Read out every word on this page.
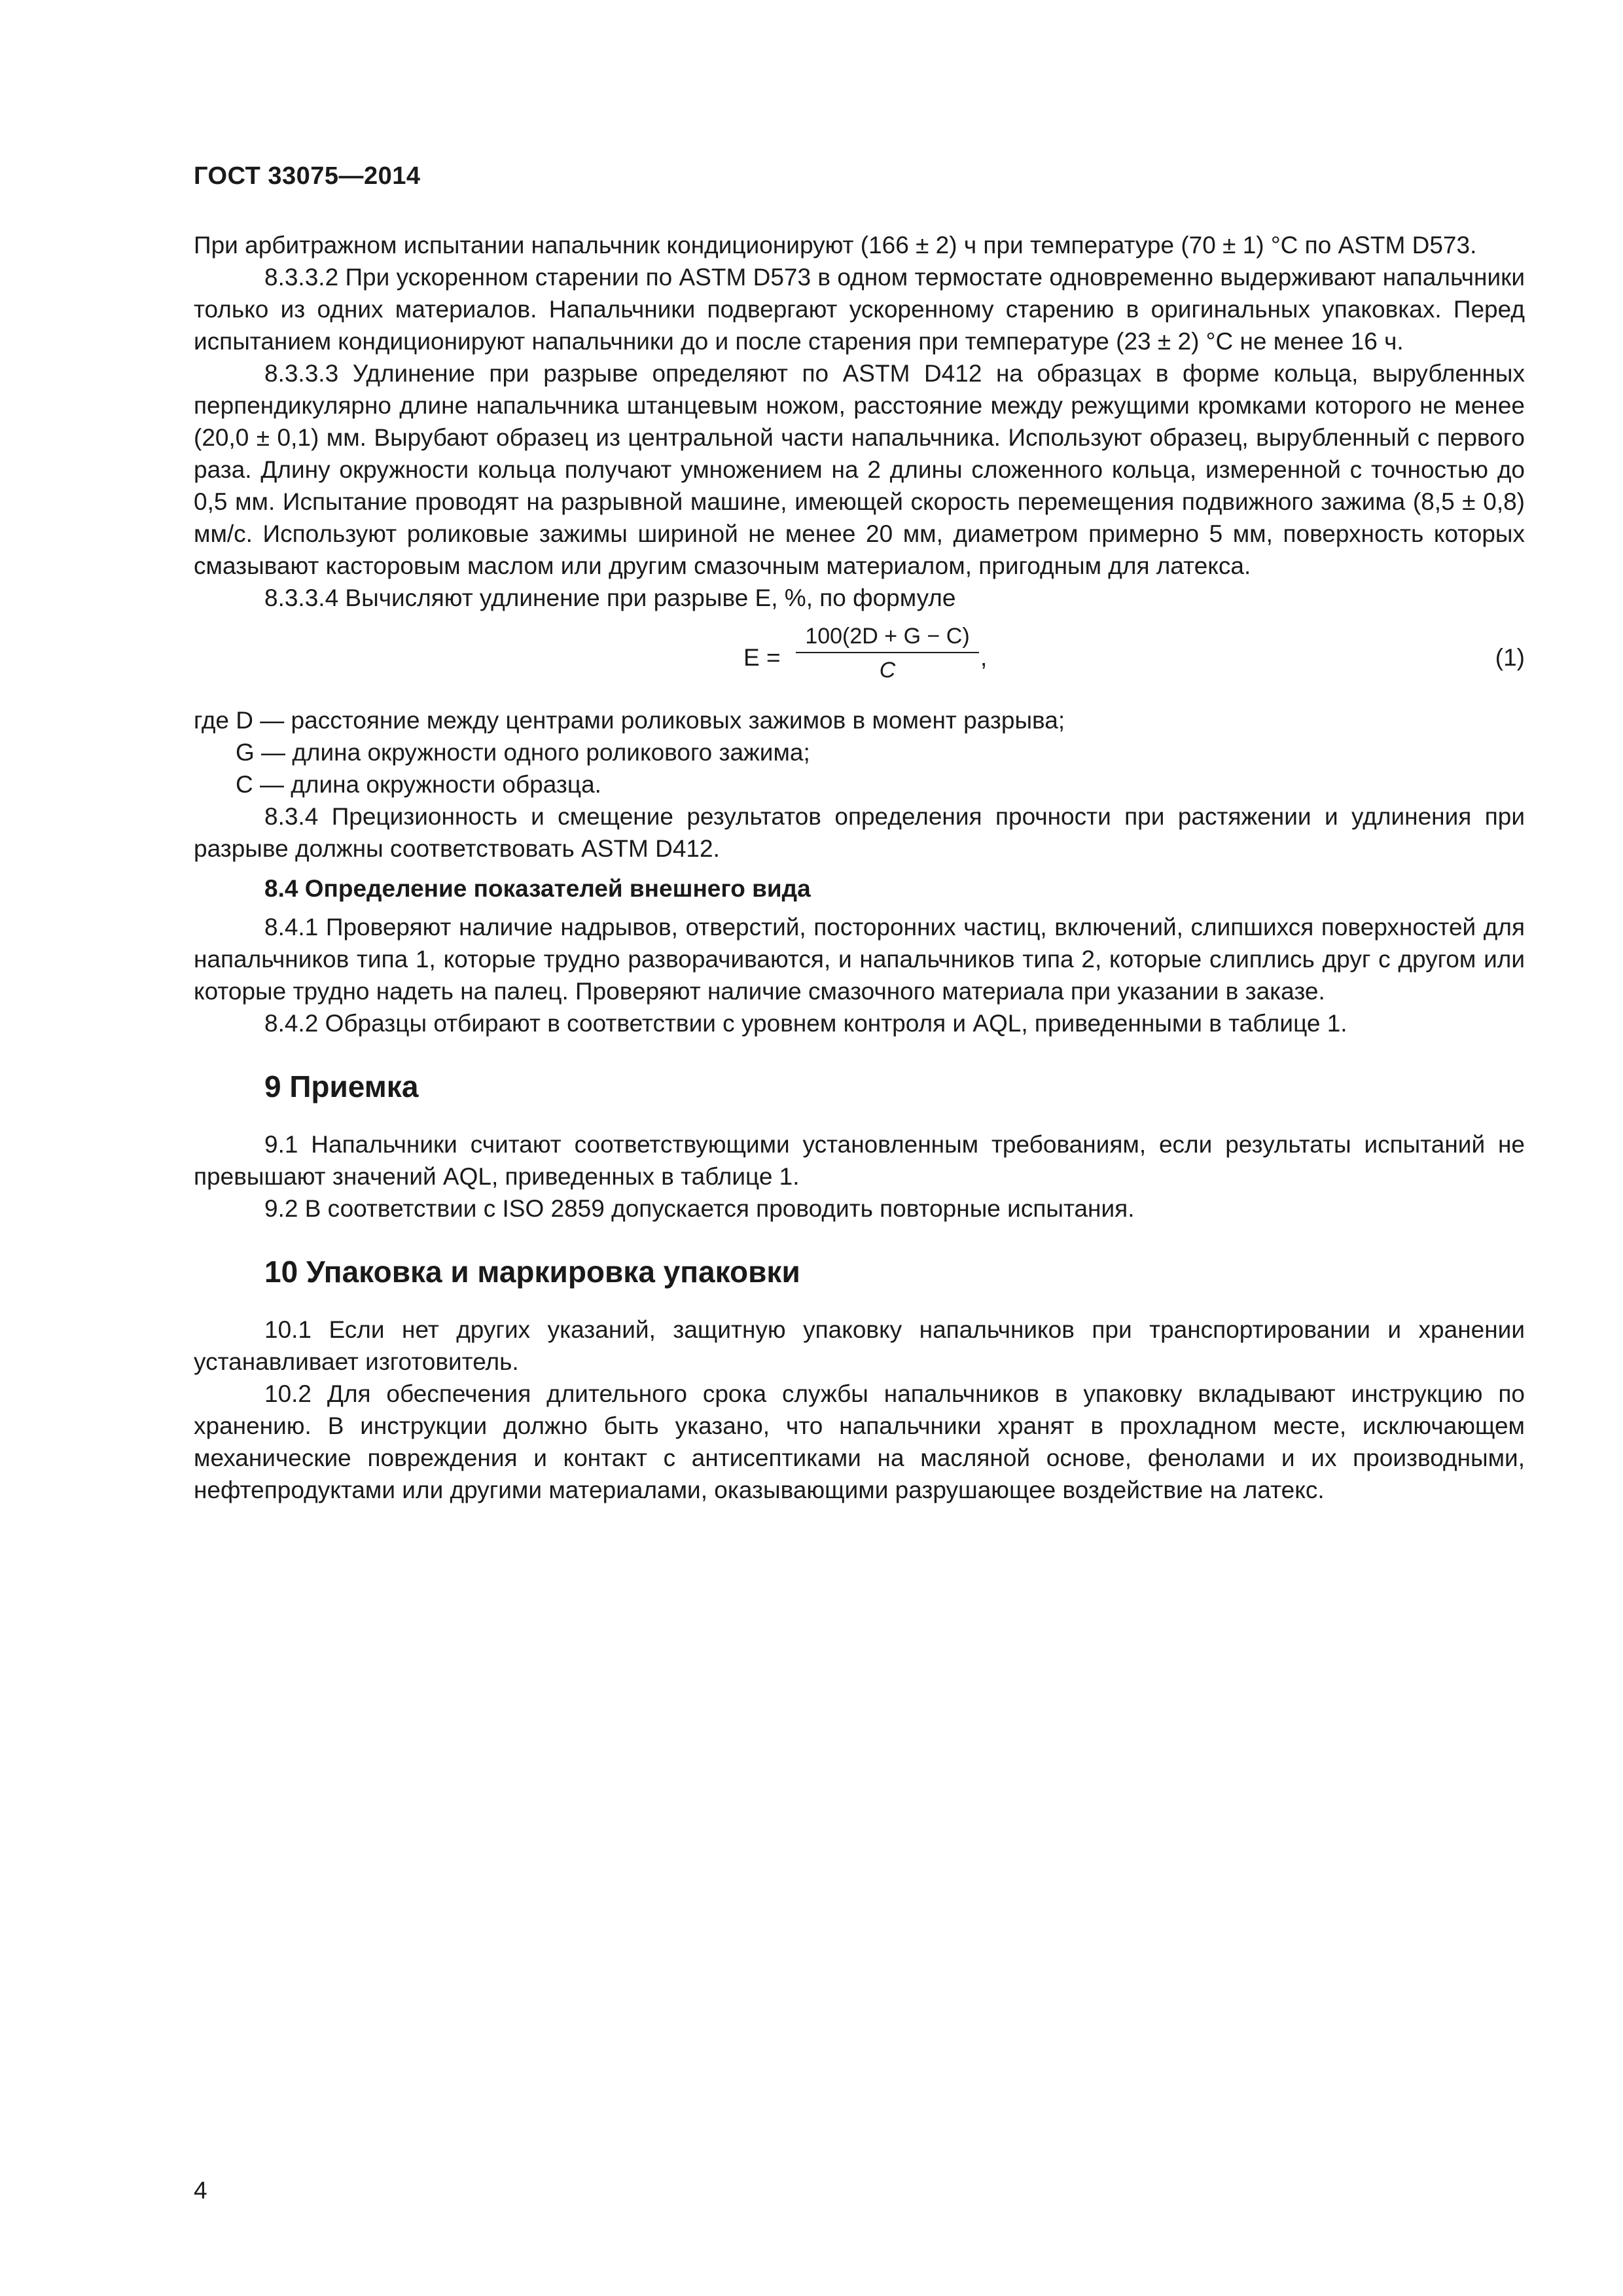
ГОСТ 33075—2014

При арбитражном испытании напальчник кондиционируют (166 ± 2) ч при температуре (70 ± 1) °С по ASTM D573.

8.3.3.2 При ускоренном старении по ASTM D573 в одном термостате одновременно выдерживают напальчники только из одних материалов. Напальчники подвергают ускоренному старению в оригинальных упаковках. Перед испытанием кондиционируют напальчники до и после старения при температуре (23 ± 2) °С не менее 16 ч.

8.3.3.3 Удлинение при разрыве определяют по ASTM D412 на образцах в форме кольца, вырубленных перпендикулярно длине напальчника штанцевым ножом, расстояние между режущими кромками которого не менее (20,0 ± 0,1) мм. Вырубают образец из центральной части напальчника. Используют образец, вырубленный с первого раза. Длину окружности кольца получают умножением на 2 длины сложенного кольца, измеренной с точностью до 0,5 мм. Испытание проводят на разрывной машине, имеющей скорость перемещения подвижного зажима (8,5 ± 0,8) мм/с. Используют роликовые зажимы шириной не менее 20 мм, диаметром примерно 5 мм, поверхность которых смазывают касторовым маслом или другим смазочным материалом, пригодным для латекса.

8.3.3.4 Вычисляют удлинение при разрыве E, %, по формуле

E =
100(2D + G − C)
C	,	(1)

где D — расстояние между центрами роликовых зажимов в момент разрыва;

G — длина окружности одного роликового зажима;

C — длина окружности образца.

8.3.4 Прецизионность и смещение результатов определения прочности при растяжении и удлинения при разрыве должны соответствовать ASTM D412.

8.4 Определение показателей внешнего вида

8.4.1 Проверяют наличие надрывов, отверстий, посторонних частиц, включений, слипшихся поверхностей для напальчников типа 1, которые трудно разворачиваются, и напальчников типа 2, которые слиплись друг с другом или которые трудно надеть на палец. Проверяют наличие смазочного материала при указании в заказе.

8.4.2 Образцы отбирают в соответствии с уровнем контроля и AQL, приведенными в таблице 1.

9 Приемка

9.1 Напальчники считают соответствующими установленным требованиям, если результаты испытаний не превышают значений AQL, приведенных в таблице 1.

9.2 В соответствии с ISO 2859 допускается проводить повторные испытания.

10 Упаковка и маркировка упаковки

10.1 Если нет других указаний, защитную упаковку напальчников при транспортировании и хранении устанавливает изготовитель.

10.2 Для обеспечения длительного срока службы напальчников в упаковку вкладывают инструкцию по хранению. В инструкции должно быть указано, что напальчники хранят в прохладном месте, исключающем механические повреждения и контакт с антисептиками на масляной основе, фенолами и их производными, нефтепродуктами или другими материалами, оказывающими разрушающее воздействие на латекс.

4
